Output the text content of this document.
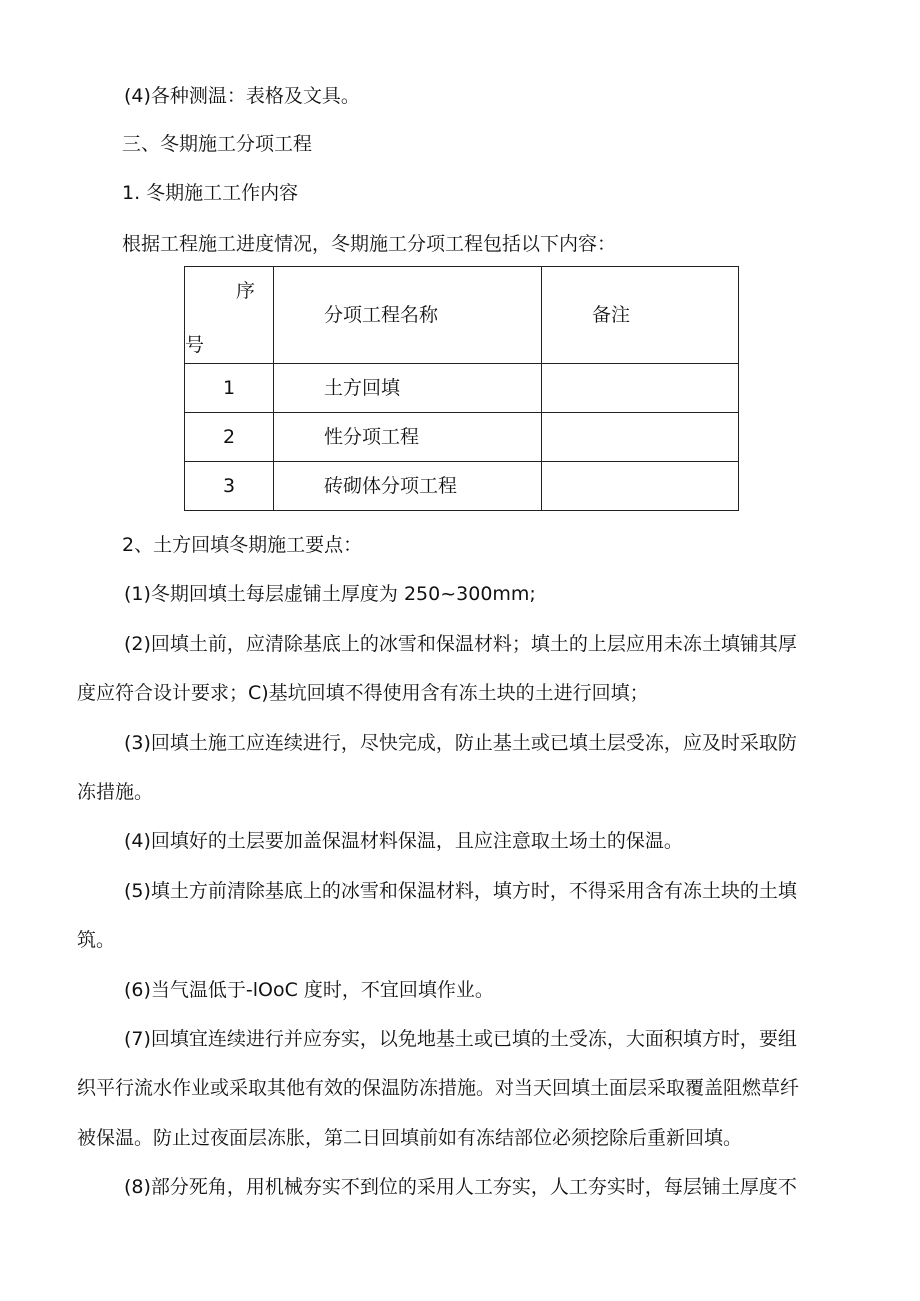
(4)各种测温：表格及文具。

三、冬期施工分项工程

1. 冬期施工工作内容

根据工程施工进度情况，冬期施工分项工程包括以下内容：

序
号	分项工程名称	备注
1	土方回填	
2	性分项工程	
3	砖砌体分项工程	

2、土方回填冬期施工要点：

(1)冬期回填土每层虚铺土厚度为 250~300mm;

(2)回填土前，应清除基底上的冰雪和保温材料；填土的上层应用未冻土填铺其厚

度应符合设计要求；C)基坑回填不得使用含有冻土块的土进行回填；

(3)回填土施工应连续进行，尽快完成，防止基土或已填土层受冻，应及时采取防

冻措施。

(4)回填好的土层要加盖保温材料保温，且应注意取土场土的保温。

(5)填土方前清除基底上的冰雪和保温材料，填方时，不得采用含有冻土块的土填

筑。

(6)当气温低于-lOoC 度时，不宜回填作业。

(7)回填宜连续进行并应夯实，以免地基土或已填的土受冻，大面积填方时，要组

织平行流水作业或采取其他有效的保温防冻措施。对当天回填土面层采取覆盖阻燃草纤

被保温。防止过夜面层冻胀，第二日回填前如有冻结部位必须挖除后重新回填。

(8)部分死角，用机械夯实不到位的采用人工夯实，人工夯实时，每层铺土厚度不
